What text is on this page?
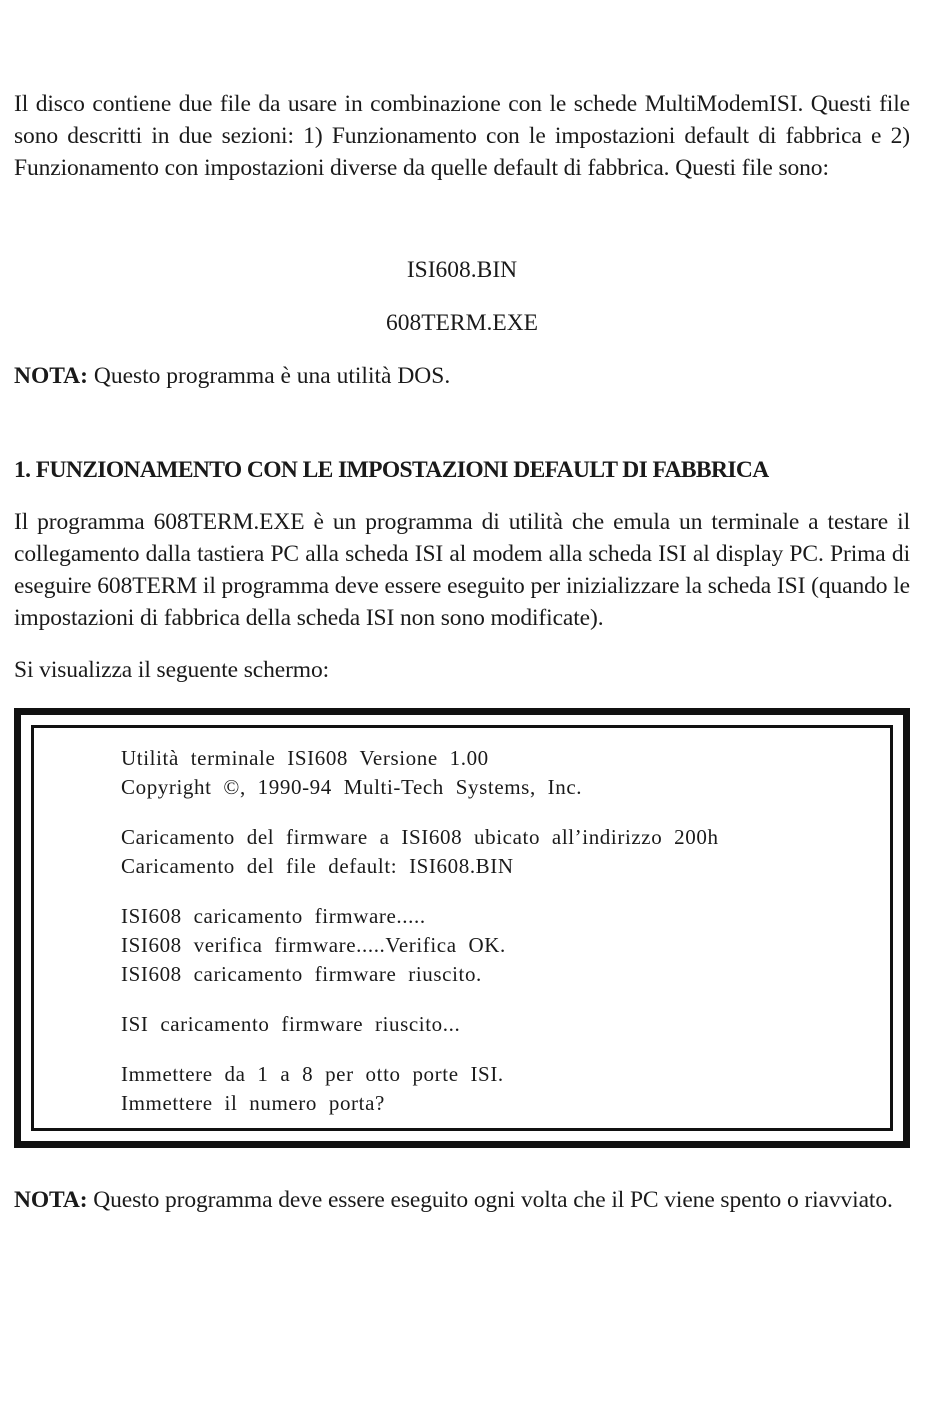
Il disco contiene due file da usare in combinazione con le schede MultiModemISI. Questi file sono descritti in due sezioni: 1) Funzionamento con le impostazioni default di fabbrica e 2) Funzionamento con impostazioni diverse da quelle default di fabbrica. Questi file sono:

ISI608.BIN
608TERM.EXE

NOTA: Questo programma è una utilità DOS.

1. FUNZIONAMENTO CON LE IMPOSTAZIONI DEFAULT DI FABBRICA

Il programma 608TERM.EXE è un programma di utilità che emula un terminale a testare il collegamento dalla tastiera PC alla scheda ISI al modem alla scheda ISI al display PC. Prima di eseguire 608TERM il programma deve essere eseguito per inizializzare la scheda ISI (quando le impostazioni di fabbrica della scheda ISI non sono modificate).

Si visualizza il seguente schermo:

Utilità terminale ISI608 Versione 1.00
Copyright ©, 1990-94 Multi-Tech Systems, Inc.
Caricamento del firmware a ISI608 ubicato all’indirizzo 200h
Caricamento del file default: ISI608.BIN
ISI608 caricamento firmware.....
ISI608 verifica firmware.....Verifica OK.
ISI608 caricamento firmware riuscito.
ISI caricamento firmware riuscito...
Immettere da 1 a 8 per otto porte ISI.
Immettere il numero porta?

NOTA: Questo programma deve essere eseguito ogni volta che il PC viene spento o riavviato.
